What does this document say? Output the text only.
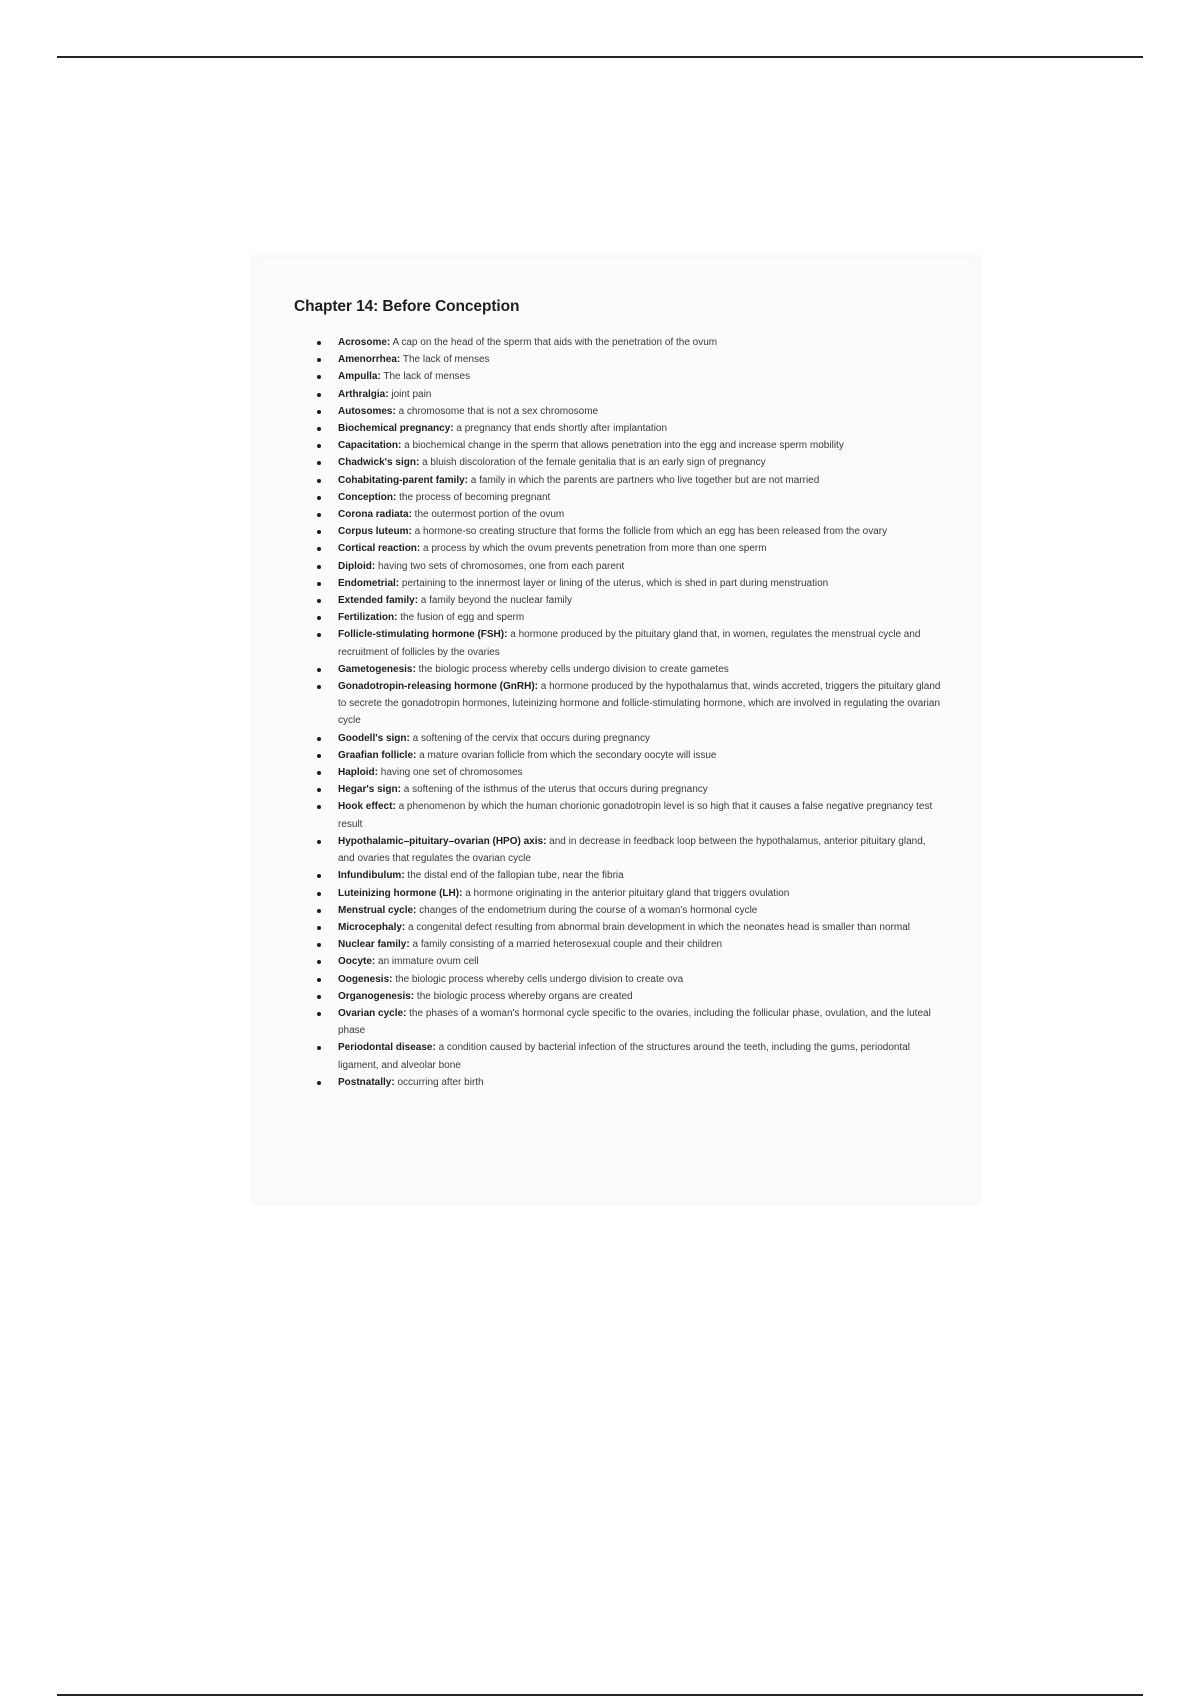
Chapter 14: Before Conception
Acrosome: A cap on the head of the sperm that aids with the penetration of the ovum
Amenorrhea: The lack of menses
Ampulla: The lack of menses
Arthralgia: joint pain
Autosomes: a chromosome that is not a sex chromosome
Biochemical pregnancy: a pregnancy that ends shortly after implantation
Capacitation: a biochemical change in the sperm that allows penetration into the egg and increase sperm mobility
Chadwick's sign: a bluish discoloration of the female genitalia that is an early sign of pregnancy
Cohabitating-parent family: a family in which the parents are partners who live together but are not married
Conception: the process of becoming pregnant
Corona radiata: the outermost portion of the ovum
Corpus luteum: a hormone-so creating structure that forms the follicle from which an egg has been released from the ovary
Cortical reaction: a process by which the ovum prevents penetration from more than one sperm
Diploid: having two sets of chromosomes, one from each parent
Endometrial: pertaining to the innermost layer or lining of the uterus, which is shed in part during menstruation
Extended family: a family beyond the nuclear family
Fertilization: the fusion of egg and sperm
Follicle-stimulating hormone (FSH): a hormone produced by the pituitary gland that, in women, regulates the menstrual cycle and recruitment of follicles by the ovaries
Gametogenesis: the biologic process whereby cells undergo division to create gametes
Gonadotropin-releasing hormone (GnRH): a hormone produced by the hypothalamus that, winds accreted, triggers the pituitary gland to secrete the gonadotropin hormones, luteinizing hormone and follicle-stimulating hormone, which are involved in regulating the ovarian cycle
Goodell's sign: a softening of the cervix that occurs during pregnancy
Graafian follicle: a mature ovarian follicle from which the secondary oocyte will issue
Haploid: having one set of chromosomes
Hegar's sign: a softening of the isthmus of the uterus that occurs during pregnancy
Hook effect: a phenomenon by which the human chorionic gonadotropin level is so high that it causes a false negative pregnancy test result
Hypothalamic–pituitary–ovarian (HPO) axis: and in decrease in feedback loop between the hypothalamus, anterior pituitary gland, and ovaries that regulates the ovarian cycle
Infundibulum: the distal end of the fallopian tube, near the fibria
Luteinizing hormone (LH): a hormone originating in the anterior pituitary gland that triggers ovulation
Menstrual cycle: changes of the endometrium during the course of a woman's hormonal cycle
Microcephaly: a congenital defect resulting from abnormal brain development in which the neonates head is smaller than normal
Nuclear family: a family consisting of a married heterosexual couple and their children
Oocyte: an immature ovum cell
Oogenesis: the biologic process whereby cells undergo division to create ova
Organogenesis: the biologic process whereby organs are created
Ovarian cycle: the phases of a woman's hormonal cycle specific to the ovaries, including the follicular phase, ovulation, and the luteal phase
Periodontal disease: a condition caused by bacterial infection of the structures around the teeth, including the gums, periodontal ligament, and alveolar bone
Postnatally: occurring after birth
